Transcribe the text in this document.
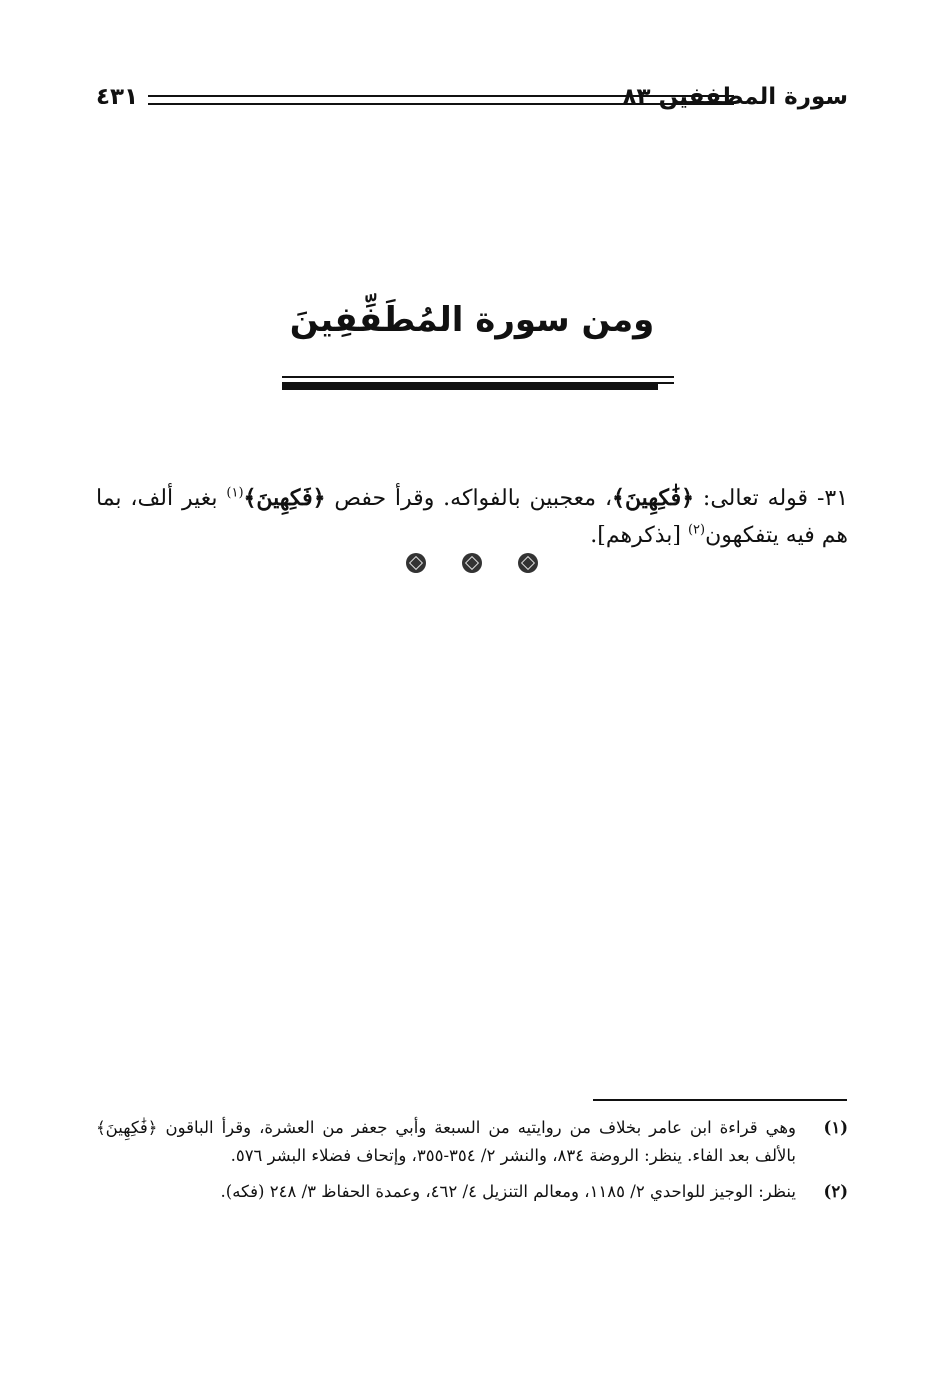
سورة المطففين ٨٣
٤٣١
ومن سورة المُطَفِّفِينَ

٣١- قوله تعالى: ﴿فَٰكِهِينَ﴾، معجبين بالفواكه. وقرأ حفص ﴿فَكِهِينَ﴾$^{(١)}$ بغير ألف، بما هم فيه يتفكهون$^{(٢)}$ [بذكرهم].

(١)
وهي قراءة ابن عامر بخلاف من روايتيه من السبعة وأبي جعفر من العشرة، وقرأ الباقون ﴿فَٰكِهِينَ﴾ بالألف بعد الفاء. ينظر: الروضة ٨٣٤، والنشر ٢/ ٣٥٤-٣٥٥، وإتحاف فضلاء البشر ٥٧٦.
(٢)
ينظر: الوجيز للواحدي ٢/ ١١٨٥، ومعالم التنزيل ٤/ ٤٦٢، وعمدة الحفاظ ٣/ ٢٤٨ (فكه).
